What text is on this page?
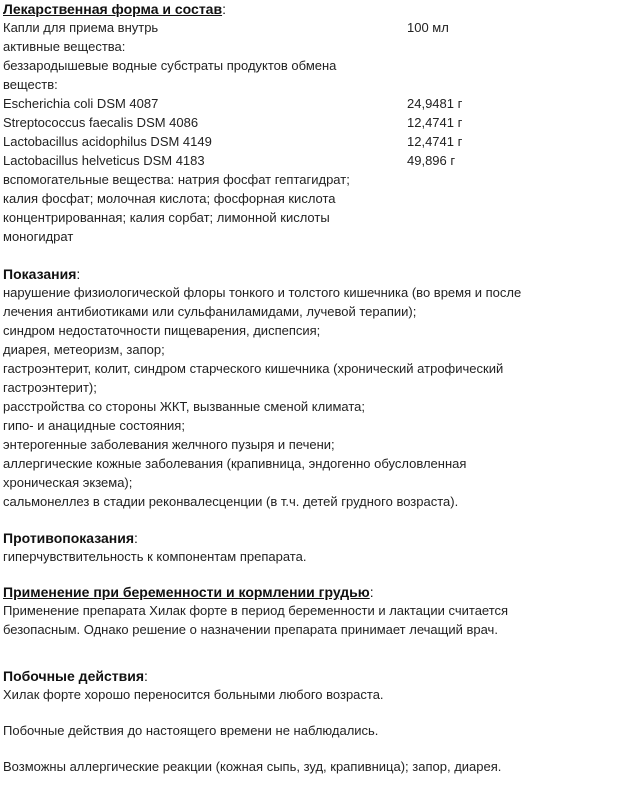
Лекарственная форма и состав:
Капли для приема внутрь	100 мл
активные вещества:
беззародышевые водные субстраты продуктов обмена
веществ:
Escherichia coli DSM 4087	24,9481 г
Streptococcus faecalis DSM 4086	12,4741 г
Lactobacillus acidophilus DSM 4149	12,4741 г
Lactobacillus helveticus DSM 4183	49,896 г
вспомогательные вещества: натрия фосфат гептагидрат;
калия фосфат; молочная кислота; фосфорная кислота
концентрированная; калия сорбат; лимонной кислоты
моногидрат
Показания:
нарушение физиологической флоры тонкого и толстого кишечника (во время и после
лечения антибиотиками или сульфаниламидами, лучевой терапии);
синдром недостаточности пищеварения, диспепсия;
диарея, метеоризм, запор;
гастроэнтерит, колит, синдром старческого кишечника (хронический атрофический
гастроэнтерит);
расстройства со стороны ЖКТ, вызванные сменой климата;
гипо- и анацидные состояния;
энтерогенные заболевания желчного пузыря и печени;
аллергические кожные заболевания (крапивница, эндогенно обусловленная
хроническая экзема);
сальмонеллез в стадии реконвалесценции (в т.ч. детей грудного возраста).
Противопоказания:
гиперчувствительность к компонентам препарата.
Применение при беременности и кормлении грудью:
Применение препарата Хилак форте в период беременности и лактации считается
безопасным. Однако решение о назначении препарата принимает лечащий врач.
Побочные действия:
Хилак форте хорошо переносится больными любого возраста.
Побочные действия до настоящего времени не наблюдались.
Возможны аллергические реакции (кожная сыпь, зуд, крапивница); запор, диарея.
